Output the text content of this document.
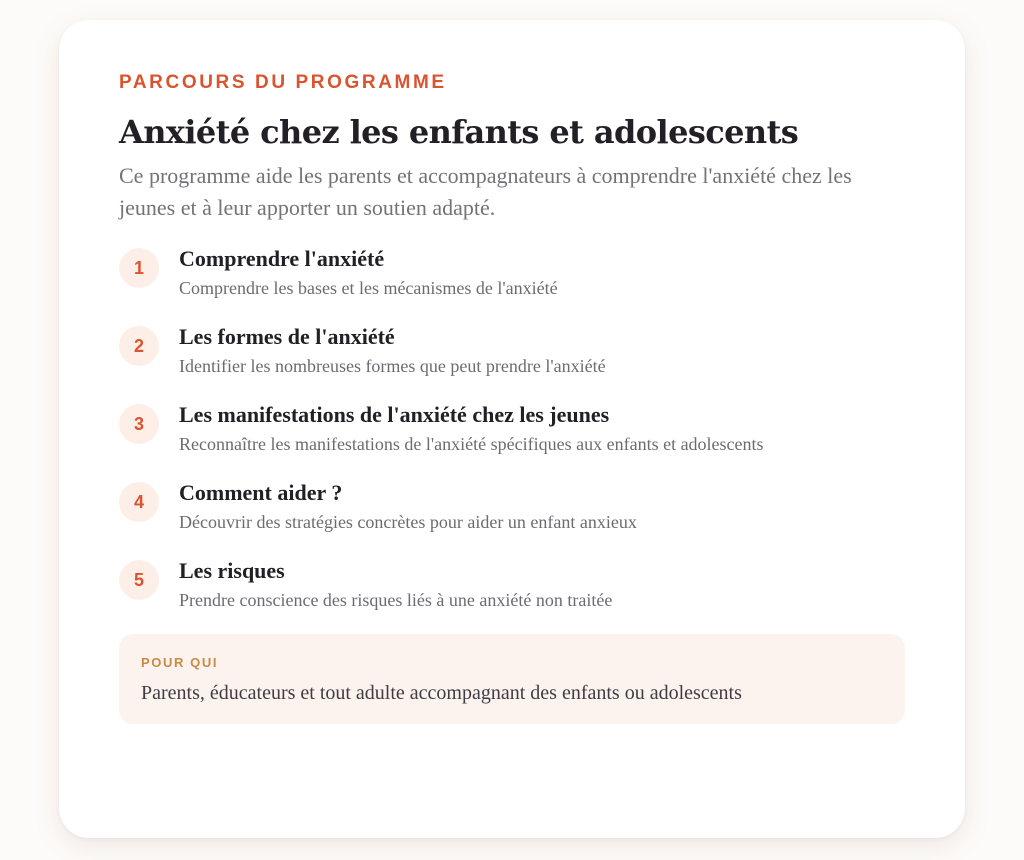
PARCOURS DU PROGRAMME
Anxiété chez les enfants et adolescents
Ce programme aide les parents et accompagnateurs à comprendre l'anxiété chez les jeunes et à leur apporter un soutien adapté.
1	Comprendre l'anxiété
Comprendre les bases et les mécanismes de l'anxiété
2	Les formes de l'anxiété
Identifier les nombreuses formes que peut prendre l'anxiété
3	Les manifestations de l'anxiété chez les jeunes
Reconnaître les manifestations de l'anxiété spécifiques aux enfants et adolescents
4	Comment aider ?
Découvrir des stratégies concrètes pour aider un enfant anxieux
5	Les risques
Prendre conscience des risques liés à une anxiété non traitée
POUR QUI
Parents, éducateurs et tout adulte accompagnant des enfants ou adolescents
